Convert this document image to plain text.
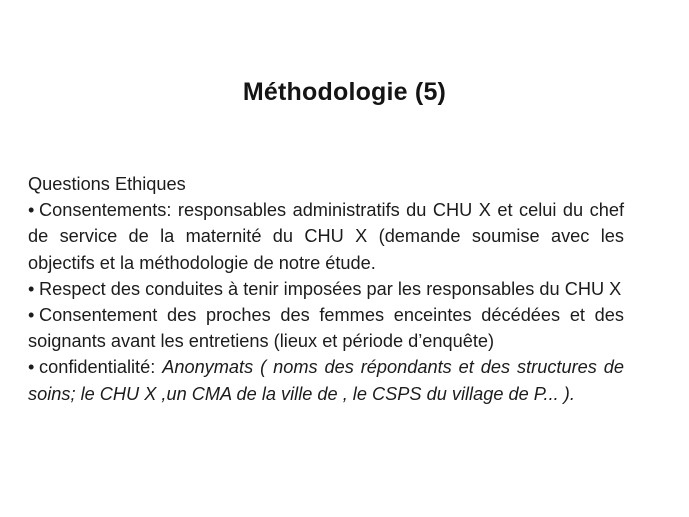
Méthodologie (5)

Questions Ethiques

• Consentements: responsables administratifs du CHU X et celui du chef de service de la maternité du CHU X (demande soumise avec les objectifs et la méthodologie de notre étude.

• Respect des conduites à tenir imposées par les responsables du CHU X

• Consentement des proches des femmes enceintes décédées et des soignants avant les entretiens (lieux et période d’enquête)

• confidentialité: Anonymats ( noms des répondants et des structures de soins; le CHU X ,un CMA de la ville de , le CSPS du village de P... ).
